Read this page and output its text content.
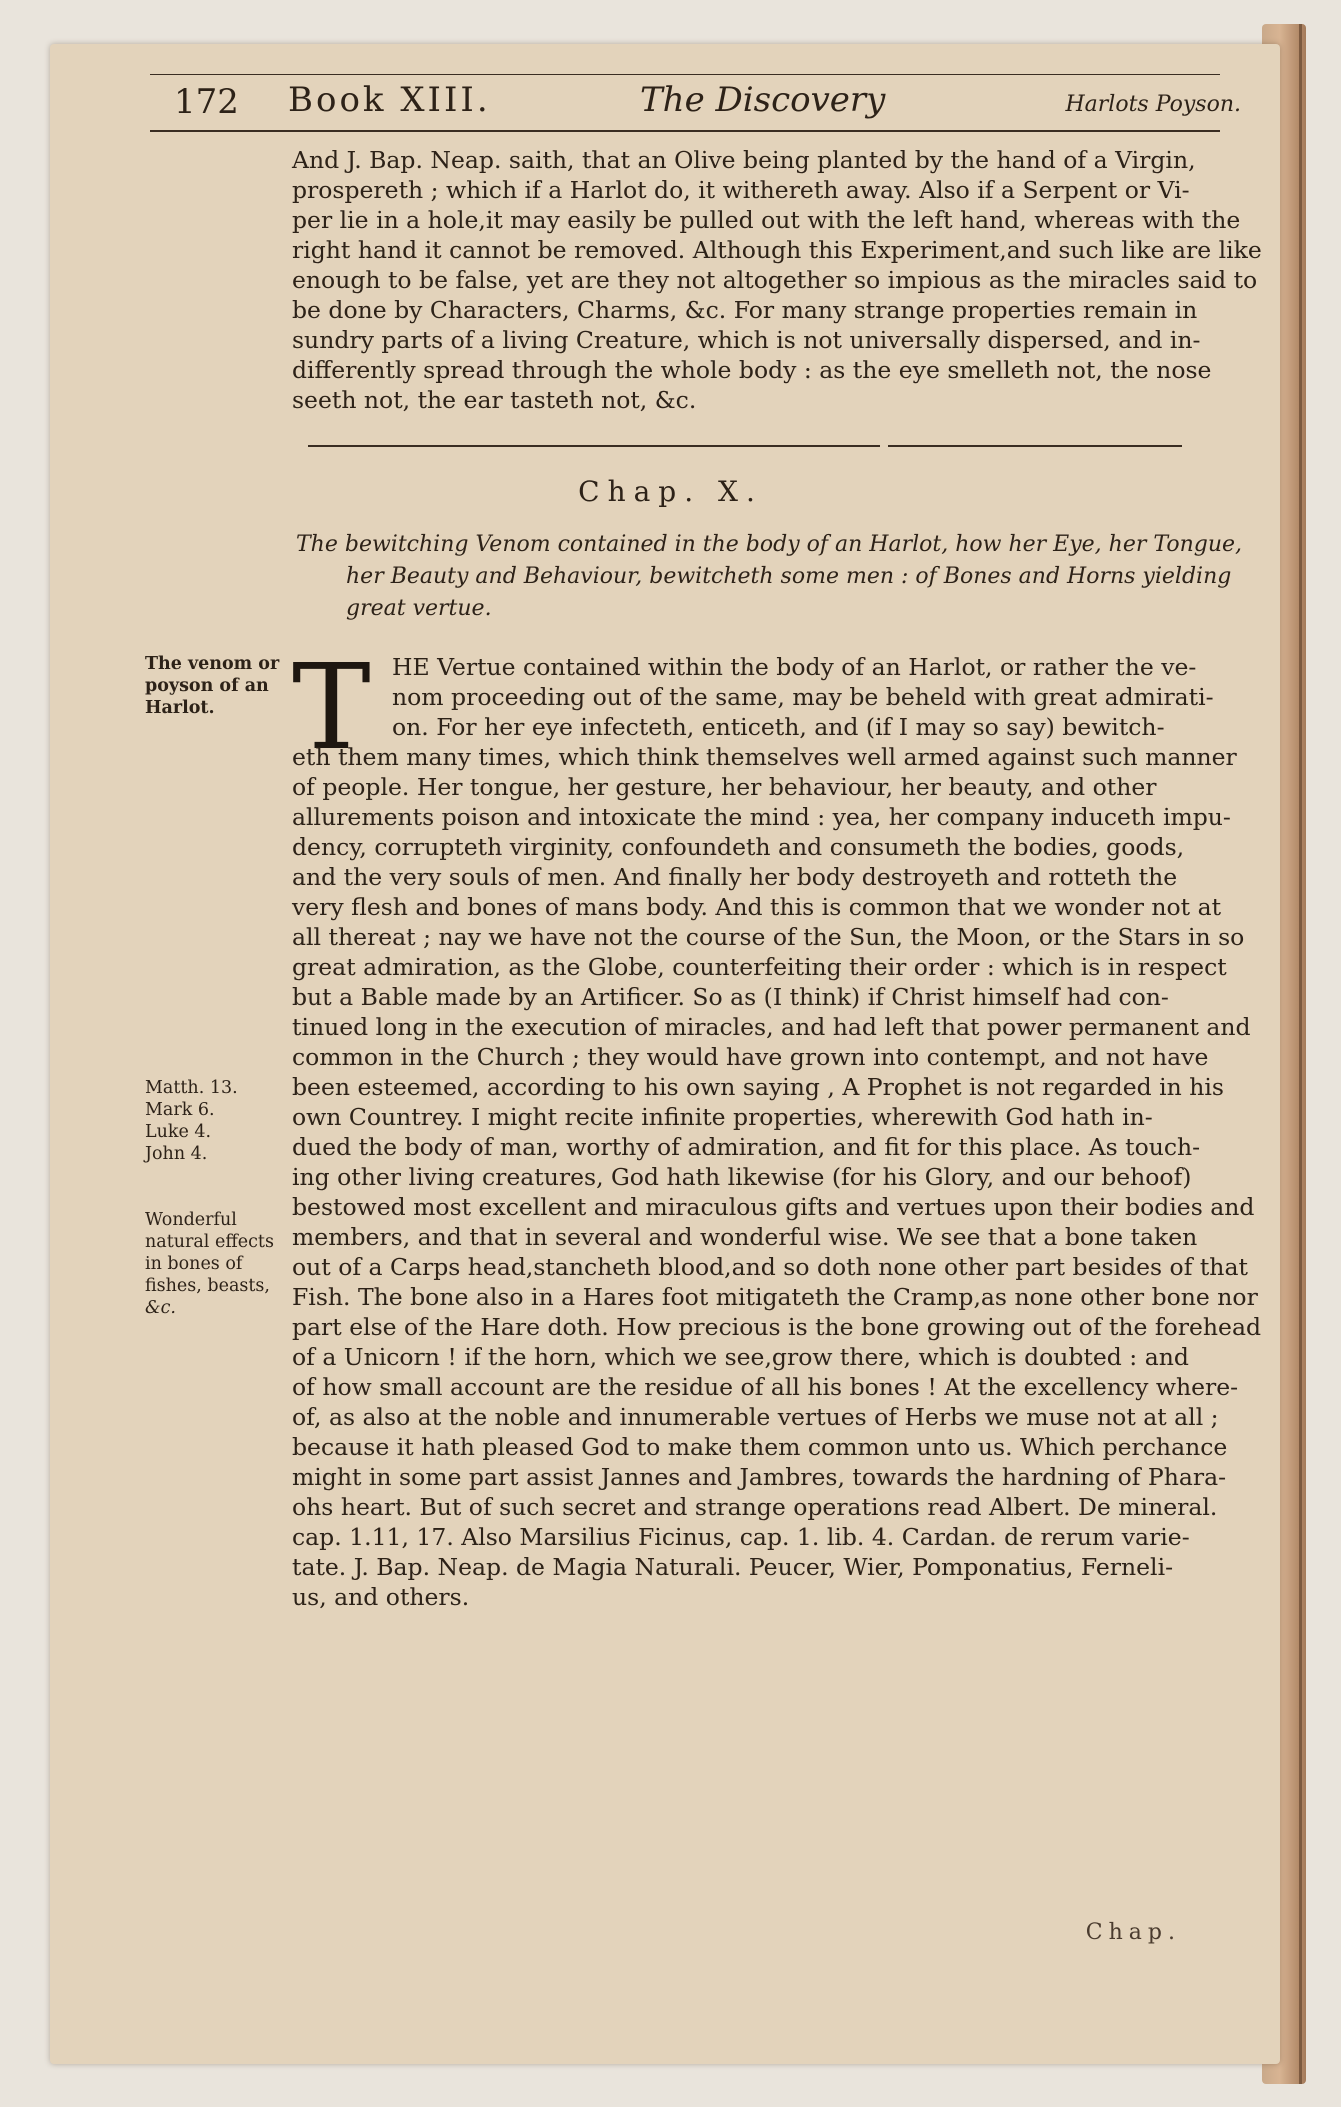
172 Book XIII.	The Discovery	Harlots Poyson.
And J. Bap. Neap. saith, that an Olive being planted by the hand of a Virgin,
prospereth ; which if a Harlot do, it withereth away. Also if a Serpent or Vi-
per lie in a hole,it may easily be pulled out with the left hand, whereas with the
right hand it cannot be removed. Although this Experiment,and such like are like
enough to be false, yet are they not altogether so impious as the miracles said to
be done by Characters, Charms, &c. For many strange properties remain in
sundry parts of a living Creature, which is not universally dispersed, and in-
differently spread through the whole body : as the eye smelleth not, the nose
seeth not, the ear tasteth not, &c.
Chap. X.
The bewitching Venom contained in the body of an Harlot, how her Eye, her Tongue,
her Beauty and Behaviour, bewitcheth some men : of Bones and Horns yielding
great vertue.
T HE Vertue contained within the body of an Harlot, or rather the ve-
nom proceeding out of the same, may be beheld with great admirati-
on. For her eye infecteth, enticeth, and (if I may so say) bewitch-
eth them many times, which think themselves well armed against such manner
of people. Her tongue, her gesture, her behaviour, her beauty, and other
allurements poison and intoxicate the mind : yea, her company induceth impu-
dency, corrupteth virginity, confoundeth and consumeth the bodies, goods,
and the very souls of men. And finally her body destroyeth and rotteth the
very flesh and bones of mans body. And this is common that we wonder not at
all thereat ; nay we have not the course of the Sun, the Moon, or the Stars in so
great admiration, as the Globe, counterfeiting their order : which is in respect
but a Bable made by an Artificer. So as (I think) if Christ himself had con-
tinued long in the execution of miracles, and had left that power permanent and
common in the Church ; they would have grown into contempt, and not have
been esteemed, according to his own saying , A Prophet is not regarded in his
own Countrey. I might recite infinite properties, wherewith God hath in-
dued the body of man, worthy of admiration, and fit for this place. As touch-
ing other living creatures, God hath likewise (for his Glory, and our behoof)
bestowed most excellent and miraculous gifts and vertues upon their bodies and
members, and that in several and wonderful wise. We see that a bone taken
out of a Carps head,stancheth blood,and so doth none other part besides of that
Fish. The bone also in a Hares foot mitigateth the Cramp,as none other bone nor
part else of the Hare doth. How precious is the bone growing out of the forehead
of a Unicorn ! if the horn, which we see,grow there, which is doubted : and
of how small account are the residue of all his bones ! At the excellency where-
of, as also at the noble and innumerable vertues of Herbs we muse not at all ;
because it hath pleased God to make them common unto us. Which perchance
might in some part assist Jannes and Jambres, towards the hardning of Phara-
ohs heart. But of such secret and strange operations read Albert. De mineral.
cap. 1.11, 17. Also Marsilius Ficinus, cap. 1. lib. 4. Cardan. de rerum varie-
tate. J. Bap. Neap. de Magia Naturali. Peucer, Wier, Pomponatius, Ferneli-
us, and others.
The venom or
poyson of an
Harlot.
Matth. 13.
Mark 6.
Luke 4.
John 4.
Wonderful
natural effects
in bones of
fishes, beasts,
&c.
Chap.
